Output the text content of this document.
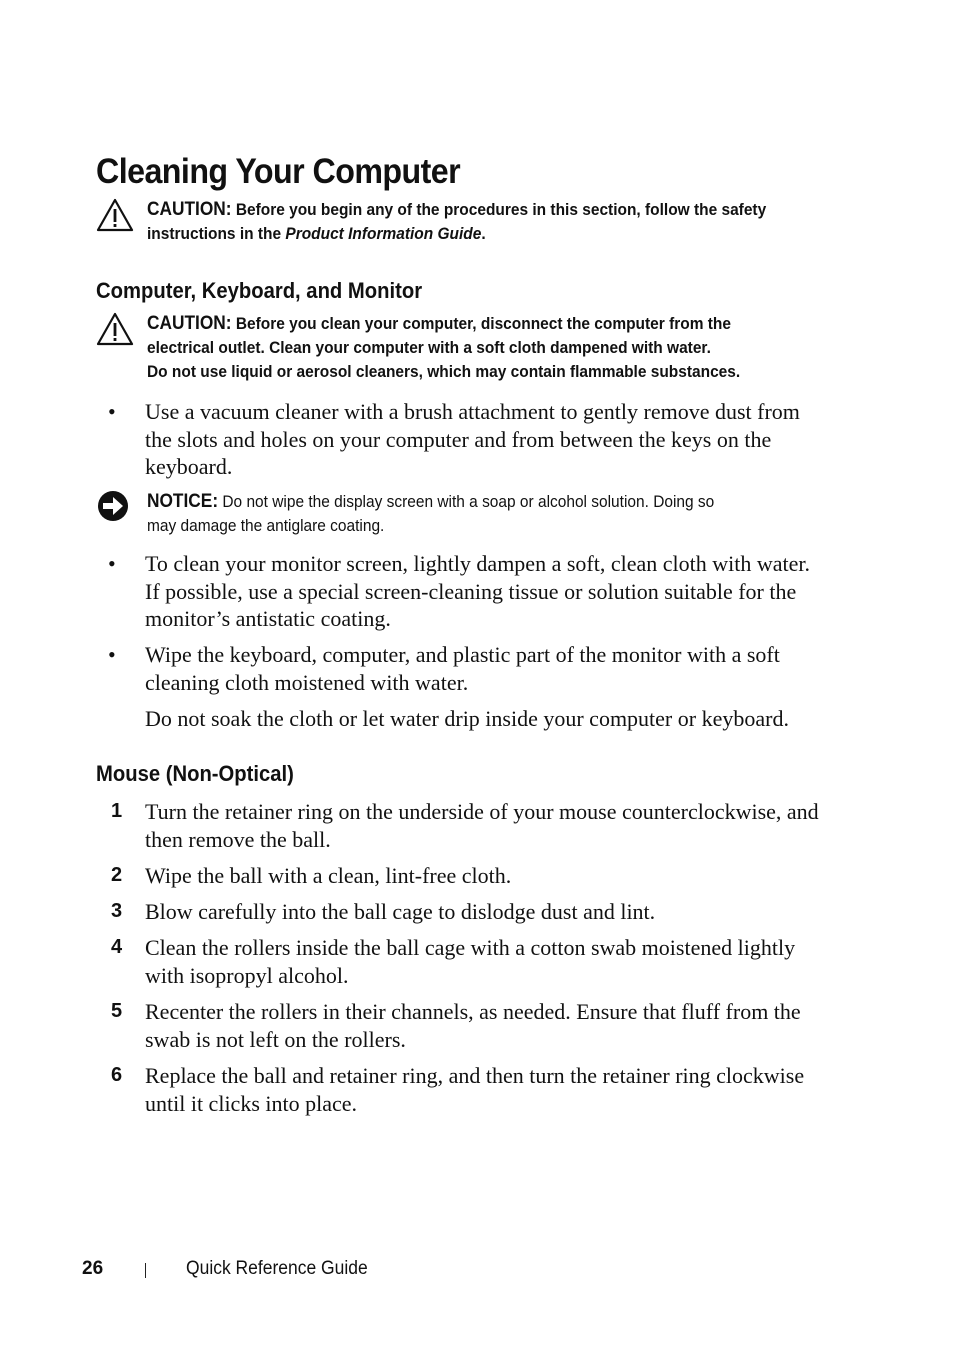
Cleaning Your Computer
CAUTION: Before you begin any of the procedures in this section, follow the safety instructions in the Product Information Guide.
Computer, Keyboard, and Monitor
CAUTION: Before you clean your computer, disconnect the computer from the
electrical outlet. Clean your computer with a soft cloth dampened with water.
Do not use liquid or aerosol cleaners, which may contain flammable substances.
• Use a vacuum cleaner with a brush attachment to gently remove dust from the slots and holes on your computer and from between the keys on the keyboard.

NOTICE: Do not wipe the display screen with a soap or alcohol solution. Doing so
may damage the antiglare coating.
• To clean your monitor screen, lightly dampen a soft, clean cloth with water. If possible, use a special screen-cleaning tissue or solution suitable for the monitor’s antistatic coating.

• Wipe the keyboard, computer, and plastic part of the monitor with a soft cleaning cloth moistened with water.

Do not soak the cloth or let water drip inside your computer or keyboard.

Mouse (Non-Optical)
1 Turn the retainer ring on the underside of your mouse counterclockwise, and then remove the ball.

2 Wipe the ball with a clean, lint-free cloth.

3 Blow carefully into the ball cage to dislodge dust and lint.

4 Clean the rollers inside the ball cage with a cotton swab moistened lightly with isopropyl alcohol.

5 Recenter the rollers in their channels, as needed. Ensure that fluff from the swab is not left on the rollers.

6 Replace the ball and retainer ring, and then turn the retainer ring clockwise until it clicks into place.

26	Quick Reference Guide
